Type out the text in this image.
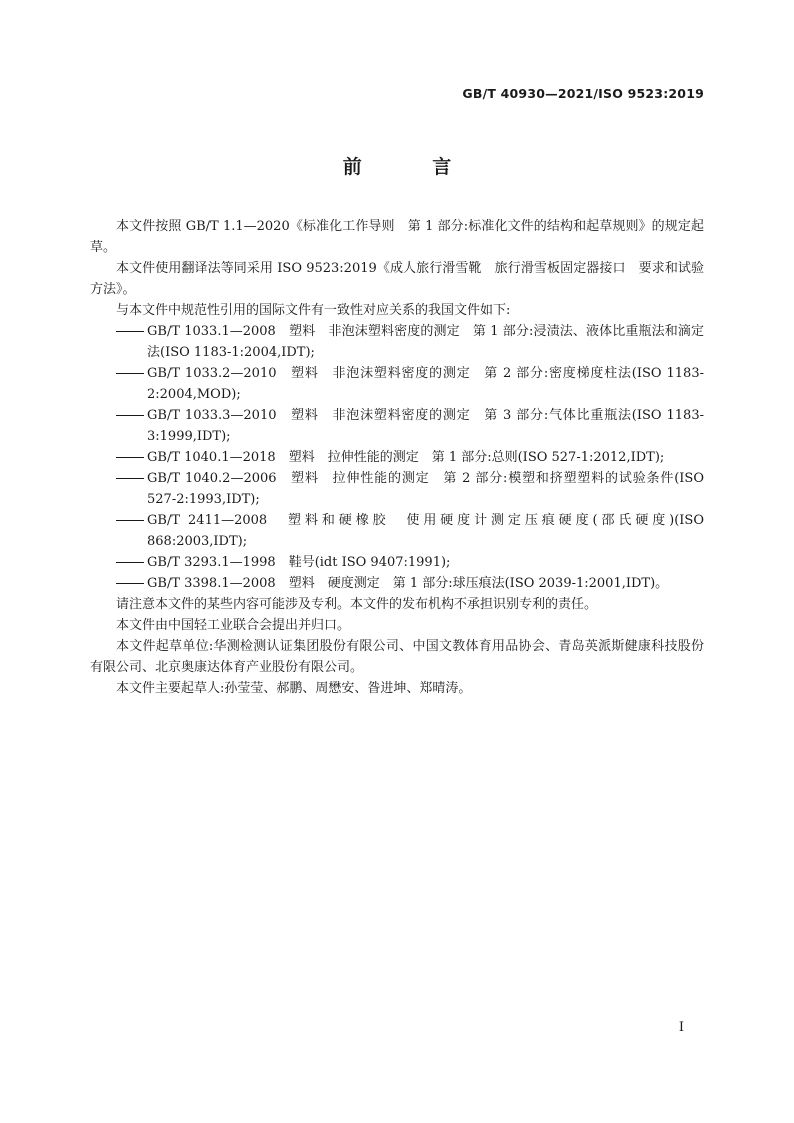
GB/T 40930—2021/ISO 9523:2019
前 言

本文件按照 GB/T 1.1—2020《标准化工作导则　第 1 部分:标准化文件的结构和起草规则》的规定起草。

本文件使用翻译法等同采用 ISO 9523:2019《成人旅行滑雪靴　旅行滑雪板固定器接口　要求和试验方法》。

与本文件中规范性引用的国际文件有一致性对应关系的我国文件如下:

GB/T 1033.1—2008　塑料　非泡沫塑料密度的测定　第 1 部分:浸渍法、液体比重瓶法和滴定法(ISO 1183-1:2004,IDT);

GB/T 1033.2—2010　塑料　非泡沫塑料密度的测定　第 2 部分:密度梯度柱法(ISO 1183-2:2004,MOD);

GB/T 1033.3—2010　塑料　非泡沫塑料密度的测定　第 3 部分:气体比重瓶法(ISO 1183-3:1999,IDT);

GB/T 1040.1—2018　塑料　拉伸性能的测定　第 1 部分:总则(ISO 527-1:2012,IDT);

GB/T 1040.2—2006　塑料　拉伸性能的测定　第 2 部分:模塑和挤塑塑料的试验条件(ISO 527-2:1993,IDT);

GB/T 2411—2008　塑料和硬橡胶　使用硬度计测定压痕硬度(邵氏硬度)(ISO 868:2003,IDT);

GB/T 3293.1—1998　鞋号(idt ISO 9407:1991);

GB/T 3398.1—2008　塑料　硬度测定　第 1 部分:球压痕法(ISO 2039-1:2001,IDT)。

请注意本文件的某些内容可能涉及专利。本文件的发布机构不承担识别专利的责任。

本文件由中国轻工业联合会提出并归口。

本文件起草单位:华测检测认证集团股份有限公司、中国文教体育用品协会、青岛英派斯健康科技股份有限公司、北京奥康达体育产业股份有限公司。

本文件主要起草人:孙莹莹、郝鹏、周懋安、昝进坤、郑晴涛。

I
